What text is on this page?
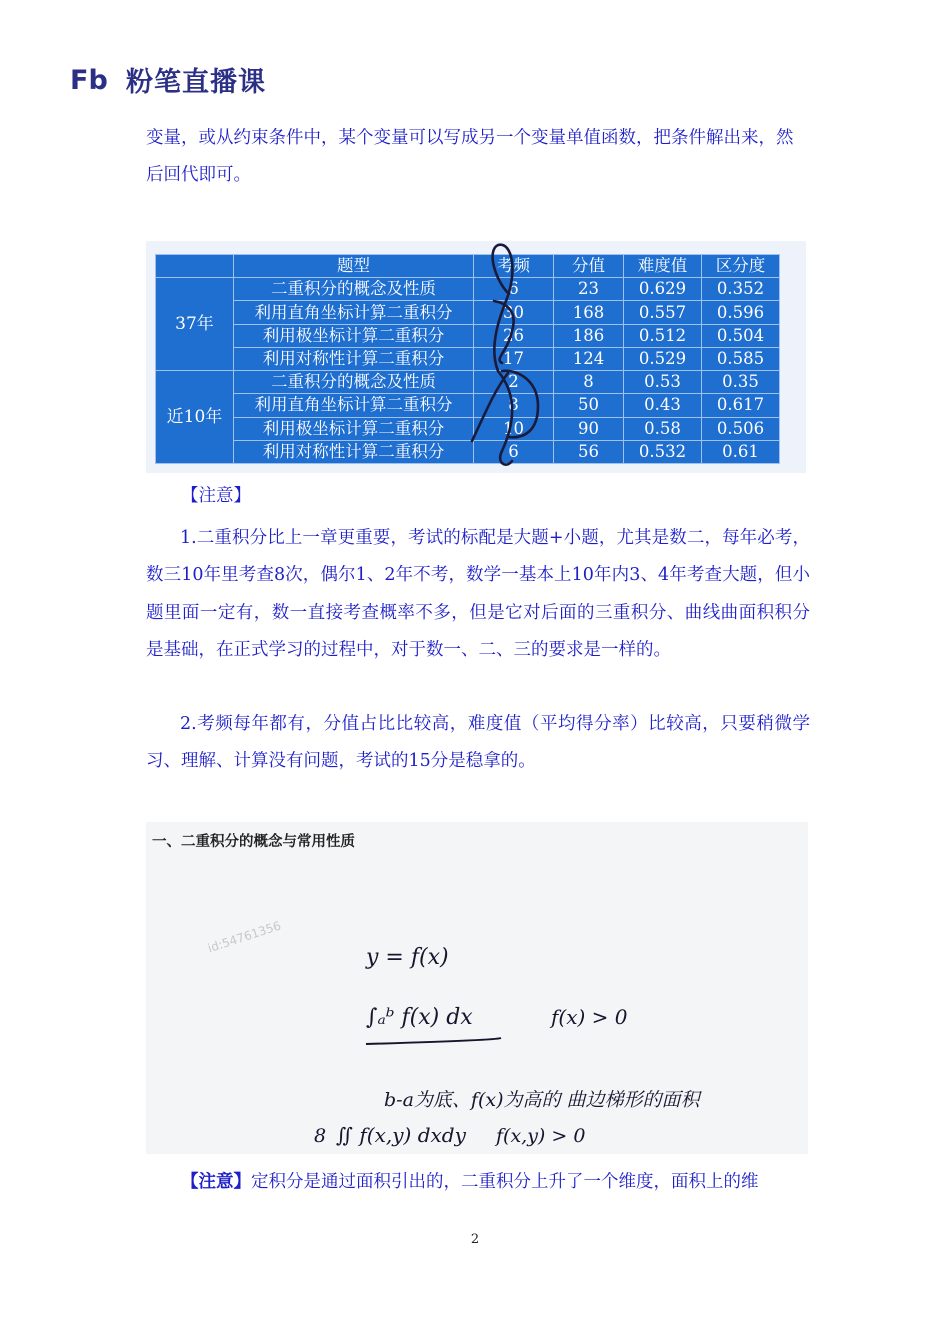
Fb 粉笔直播课
变量，或从约束条件中，某个变量可以写成另一个变量单值函数，把条件解出来，然后回代即可。
	题型	考频	分值	难度值	区分度
37年	二重积分的概念及性质	6	23	0.629	0.352
	利用直角坐标计算二重积分	30	168	0.557	0.596
	利用极坐标计算二重积分	26	186	0.512	0.504
	利用对称性计算二重积分	17	124	0.529	0.585
近10年	二重积分的概念及性质	2	8	0.53	0.35
	利用直角坐标计算二重积分	8	50	0.43	0.617
	利用极坐标计算二重积分	10	90	0.58	0.506
	利用对称性计算二重积分	6	56	0.532	0.61
【注意】
1.二重积分比上一章更重要，考试的标配是大题+小题，尤其是数二，每年必考，数三10年里考查8次，偶尔1、2年不考，数学一基本上10年内3、4年考查大题，但小题里面一定有，数一直接考查概率不多，但是它对后面的三重积分、曲线曲面积积分是基础，在正式学习的过程中，对于数一、二、三的要求是一样的。
2.考频每年都有，分值占比比较高，难度值（平均得分率）比较高，只要稍微学习、理解、计算没有问题，考试的15分是稳拿的。
一、二重积分的概念与常用性质
id:54761356
y = f(x)
∫ₐᵇ f(x) dx	f(x) > 0
b-a为底、f(x)为高的 曲边梯形的面积
8 ∬ f(x,y) dxdy f(x,y) > 0
【注意】定积分是通过面积引出的，二重积分上升了一个维度，面积上的维
2
